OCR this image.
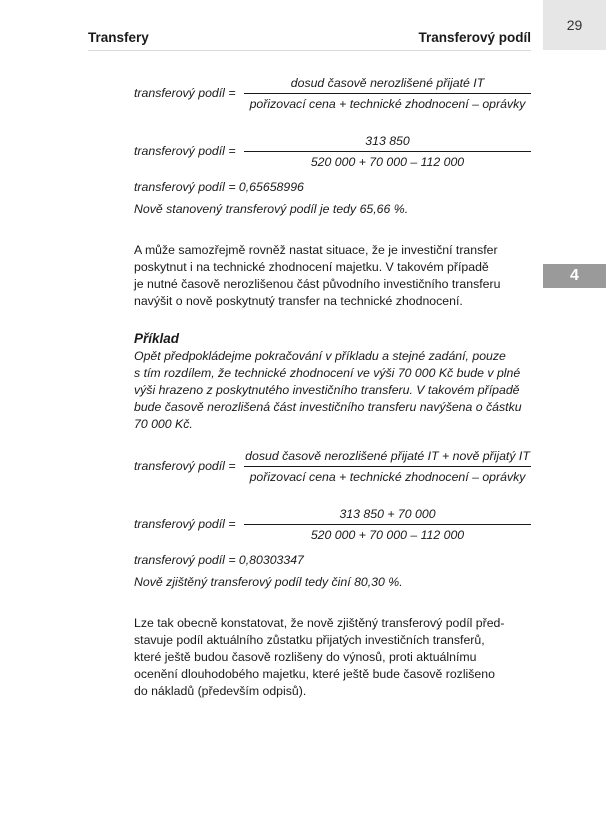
Transfery	Transferový podíl
29
4
transferový podíl = $\frac{\text{dosud časově nerozlišené přijaté IT}}{\text{pořizovací cena + technické zhodnocení – oprávky}}$
transferový podíl = $\frac{313 850}{520 000 + 70 000 - 112 000}$
transferový podíl = 0,65658996
Nově stanovený transferový podíl je tedy 65,66 %.
A může samozřejmě rovněž nastat situace, že je investiční transfer
poskytnut i na technické zhodnocení majetku. V takovém případě
je nutné časově nerozlišenou část původního investičního transferu
navýšit o nově poskytnutý transfer na technické zhodnocení.
Příklad
Opět předpokládejme pokračování v příkladu a stejné zadání, pouze
s tím rozdílem, že technické zhodnocení ve výši 70 000 Kč bude v plné
výši hrazeno z poskytnutého investičního transferu. V takovém případě
bude časově nerozlišená část investičního transferu navýšena o částku
70 000 Kč.
transferový podíl = $\frac{\text{dosud časově nerozlišené přijaté IT + nově přijatý IT}}{\text{pořizovací cena + technické zhodnocení – oprávky}}$
transferový podíl = $\frac{313 850 + 70 000}{520 000 + 70 000 - 112 000}$
transferový podíl = 0,80303347
Nově zjištěný transferový podíl tedy činí 80,30 %.
Lze tak obecně konstatovat, že nově zjištěný transferový podíl před-
stavuje podíl aktuálního zůstatku přijatých investičních transferů,
které ještě budou časově rozlišeny do výnosů, proti aktuálnímu
ocenění dlouhodobého majetku, které ještě bude časově rozlišeno
do nákladů (především odpisů).
